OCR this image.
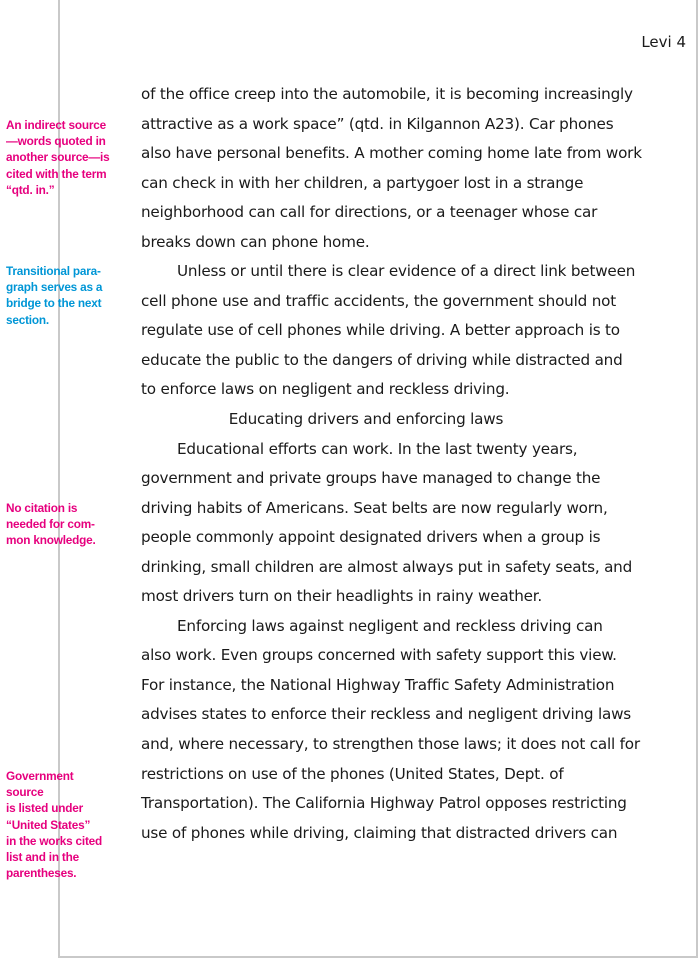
Levi 4
An indirect source
—words quoted in
another source—is
cited with the term
“qtd. in.”
Transitional para-
graph serves as a
bridge to the next
section.
No citation is
needed for com-
mon knowledge.
Government source
is listed under
“United States”
in the works cited
list and in the
parentheses.
of the office creep into the automobile, it is becoming increasingly
attractive as a work space” (qtd. in Kilgannon A23). Car phones
also have personal benefits. A mother coming home late from work
can check in with her children, a partygoer lost in a strange
neighborhood can call for directions, or a teenager whose car
breaks down can phone home.
Unless or until there is clear evidence of a direct link between
cell phone use and traffic accidents, the government should not
regulate use of cell phones while driving. A better approach is to
educate the public to the dangers of driving while distracted and
to enforce laws on negligent and reckless driving.
Educating drivers and enforcing laws
Educational efforts can work. In the last twenty years,
government and private groups have managed to change the
driving habits of Americans. Seat belts are now regularly worn,
people commonly appoint designated drivers when a group is
drinking, small children are almost always put in safety seats, and
most drivers turn on their headlights in rainy weather.
Enforcing laws against negligent and reckless driving can
also work. Even groups concerned with safety support this view.
For instance, the National Highway Traffic Safety Administration
advises states to enforce their reckless and negligent driving laws
and, where necessary, to strengthen those laws; it does not call for
restrictions on use of the phones (United States, Dept. of
Transportation). The California Highway Patrol opposes restricting
use of phones while driving, claiming that distracted drivers can
